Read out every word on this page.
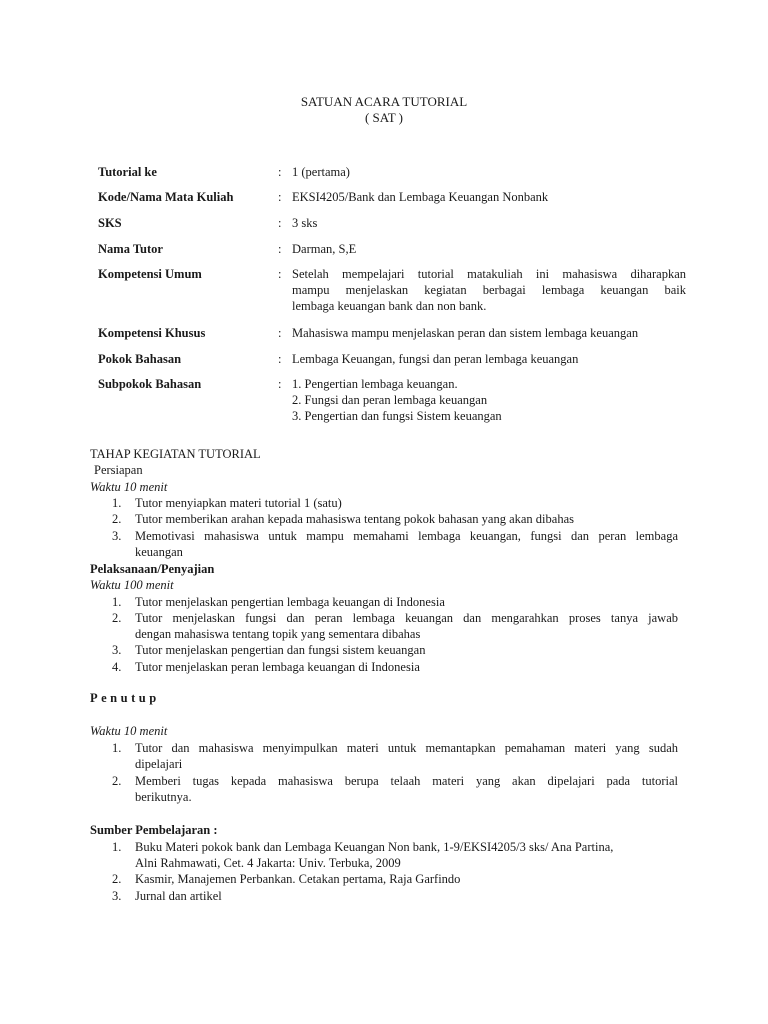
SATUAN ACARA TUTORIAL
( SAT )
Tutorial ke	: 1 (pertama)
Kode/Nama Mata Kuliah	: EKSI4205/Bank dan Lembaga Keuangan Nonbank
SKS	: 3 sks
Nama Tutor	: Darman, S,E
Kompetensi Umum	: Setelah mempelajari tutorial matakuliah ini mahasiswa diharapkan
mampu menjelaskan kegiatan berbagai lembaga keuangan baik
lembaga keuangan bank dan non bank.
Kompetensi Khusus	: Mahasiswa mampu menjelaskan peran dan sistem lembaga keuangan
Pokok Bahasan	: Lembaga Keuangan, fungsi dan peran lembaga keuangan
Subpokok Bahasan	: 1. Pengertian lembaga keuangan.
2. Fungsi dan peran lembaga keuangan
3. Pengertian dan fungsi Sistem keuangan
TAHAP KEGIATAN TUTORIAL
Persiapan
Waktu 10 menit
1.	Tutor menyiapkan materi tutorial 1 (satu)
2.	Tutor memberikan arahan kepada mahasiswa tentang pokok bahasan yang akan dibahas
3.	Memotivasi mahasiswa untuk mampu memahami lembaga keuangan, fungsi dan peran lembaga
keuangan
Pelaksanaan/Penyajian
Waktu 100 menit
1.	Tutor menjelaskan pengertian lembaga keuangan di Indonesia
2.	Tutor menjelaskan fungsi dan peran lembaga keuangan dan mengarahkan proses tanya jawab
dengan mahasiswa tentang topik yang sementara dibahas
3.	Tutor menjelaskan pengertian dan fungsi sistem keuangan
4.	Tutor menjelaskan peran lembaga keuangan di Indonesia
Penutup
Waktu 10 menit
1.	Tutor dan mahasiswa menyimpulkan materi untuk memantapkan pemahaman materi yang sudah
dipelajari
2.	Memberi tugas kepada mahasiswa berupa telaah materi yang akan dipelajari pada tutorial
berikutnya.
Sumber Pembelajaran :
1.	Buku Materi pokok bank dan Lembaga Keuangan Non bank, 1-9/EKSI4205/3 sks/ Ana Partina,
Alni Rahmawati, Cet. 4 Jakarta: Univ. Terbuka, 2009
2.	Kasmir, Manajemen Perbankan. Cetakan pertama, Raja Garfindo
3.	Jurnal dan artikel
